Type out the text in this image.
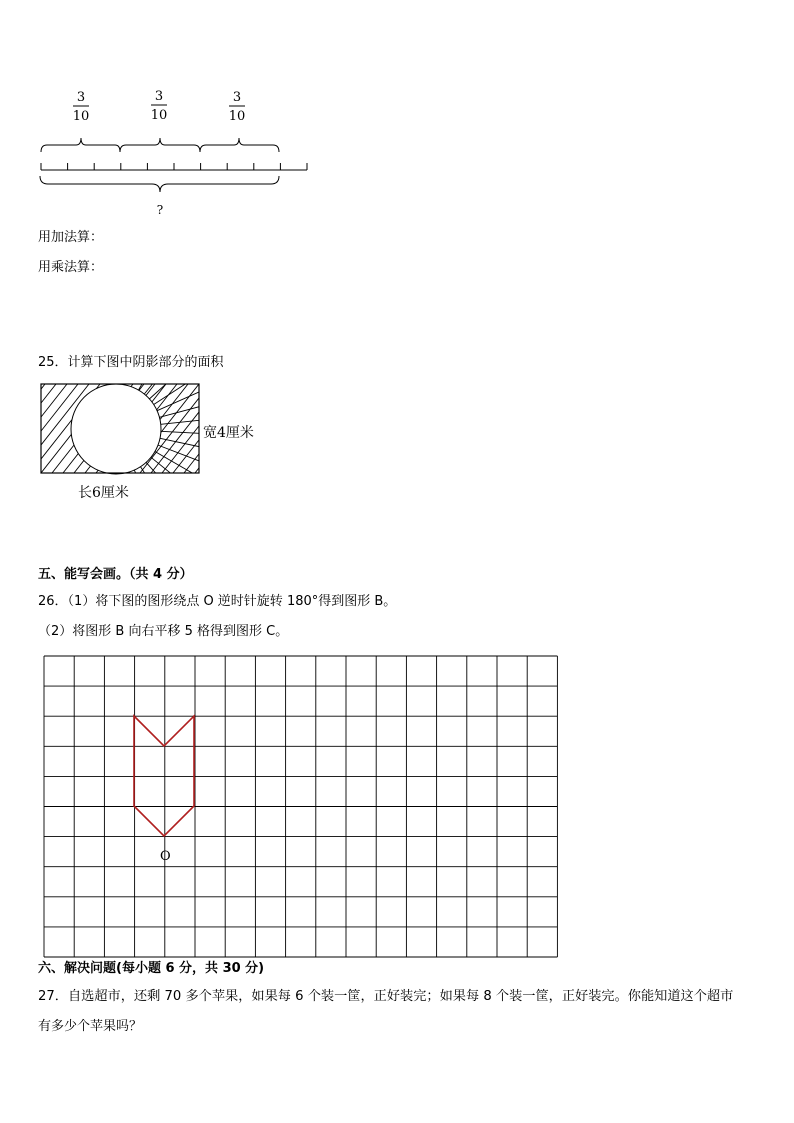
3
10
3
10
3
10
?
用加法算：
用乘法算：
25．计算下图中阴影部分的面积
宽4厘米
长6厘米
五、能写会画。（共 4 分）
26．（1）将下图的图形绕点 O 逆时针旋转 180°得到图形 B。
（2）将图形 B 向右平移 5 格得到图形 C。
O
六、解决问题(每小题 6 分，共 30 分)
27．自选超市，还剩 70 多个苹果，如果每 6 个装一筐，正好装完；如果每 8 个装一筐，正好装完。你能知道这个超市
有多少个苹果吗？
